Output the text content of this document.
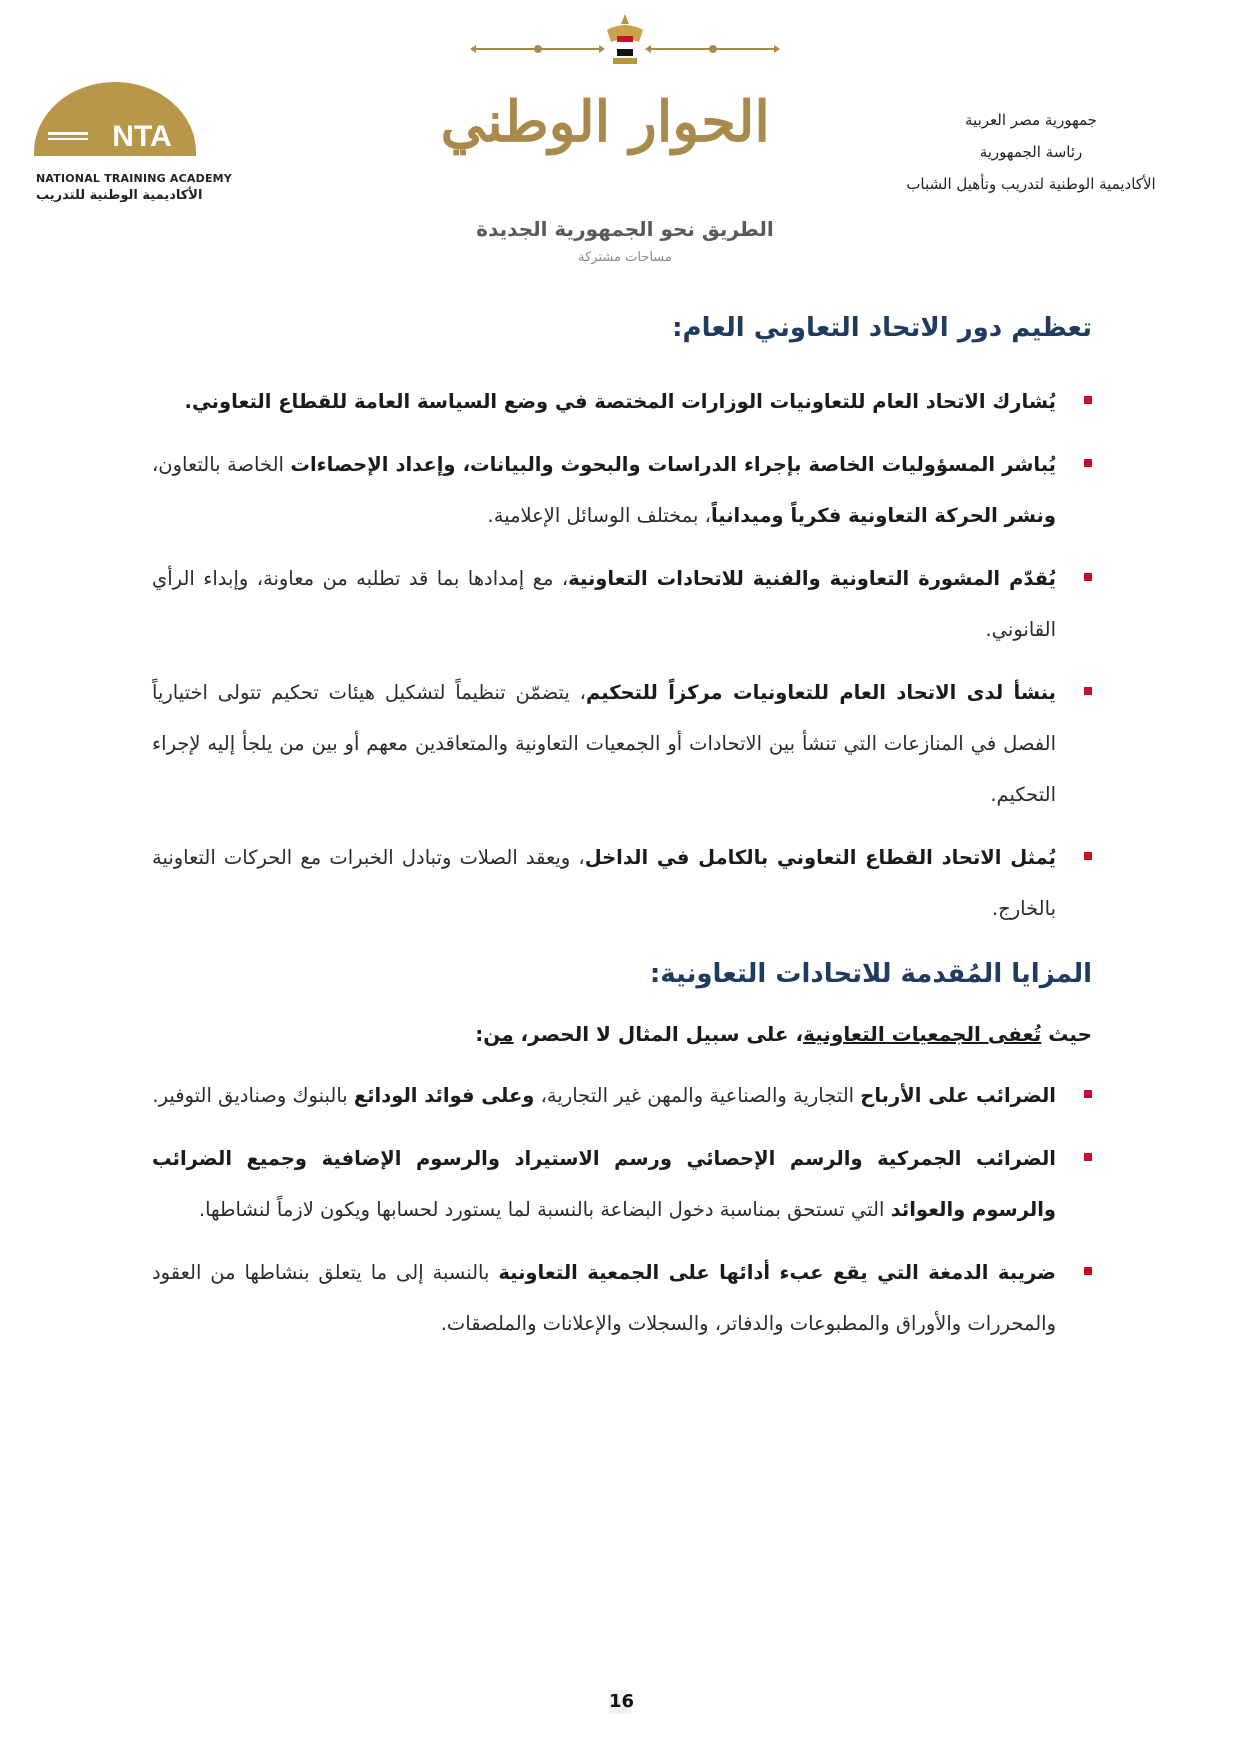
جمهورية مصر العربية
رئاسة الجمهورية
الأكاديمية الوطنية لتدريب وتأهيل الشباب
الحوار الوطني
الطريق نحو الجمهورية الجديدة
مساحات مشتركة
NTA
NATIONAL TRAINING ACADEMY
الأكاديمية الوطنية للتدريب
تعظيم دور الاتحاد التعاوني العام:
يُشارك الاتحاد العام للتعاونيات الوزارات المختصة في وضع السياسة العامة للقطاع التعاوني.
يُباشر المسؤوليات الخاصة بإجراء الدراسات والبحوث والبيانات، وإعداد الإحصاءات الخاصة بالتعاون، ونشر الحركة التعاونية فكرياً وميدانياً، بمختلف الوسائل الإعلامية.
يُقدّم المشورة التعاونية والفنية للاتحادات التعاونية، مع إمدادها بما قد تطلبه من معاونة، وإبداء الرأي القانوني.
ينشأ لدى الاتحاد العام للتعاونيات مركزاً للتحكيم، يتضمّن تنظيماً لتشكيل هيئات تحكيم تتولى اختيارياً الفصل في المنازعات التي تنشأ بين الاتحادات أو الجمعيات التعاونية والمتعاقدين معهم أو بين من يلجأ إليه لإجراء التحكيم.
يُمثل الاتحاد القطاع التعاوني بالكامل في الداخل، ويعقد الصلات وتبادل الخبرات مع الحركات التعاونية بالخارج.
المزايا المُقدمة للاتحادات التعاونية:
حيث تُعفى الجمعيات التعاونية، على سبيل المثال لا الحصر، من:
الضرائب على الأرباح التجارية والصناعية والمهن غير التجارية، وعلى فوائد الودائع بالبنوك وصناديق التوفير.
الضرائب الجمركية والرسم الإحصائي ورسم الاستيراد والرسوم الإضافية وجميع الضرائب والرسوم والعوائد التي تستحق بمناسبة دخول البضاعة بالنسبة لما يستورد لحسابها ويكون لازماً لنشاطها.
ضريبة الدمغة التي يقع عبء أدائها على الجمعية التعاونية بالنسبة إلى ما يتعلق بنشاطها من العقود والمحررات والأوراق والمطبوعات والدفاتر، والسجلات والإعلانات والملصقات.
16
